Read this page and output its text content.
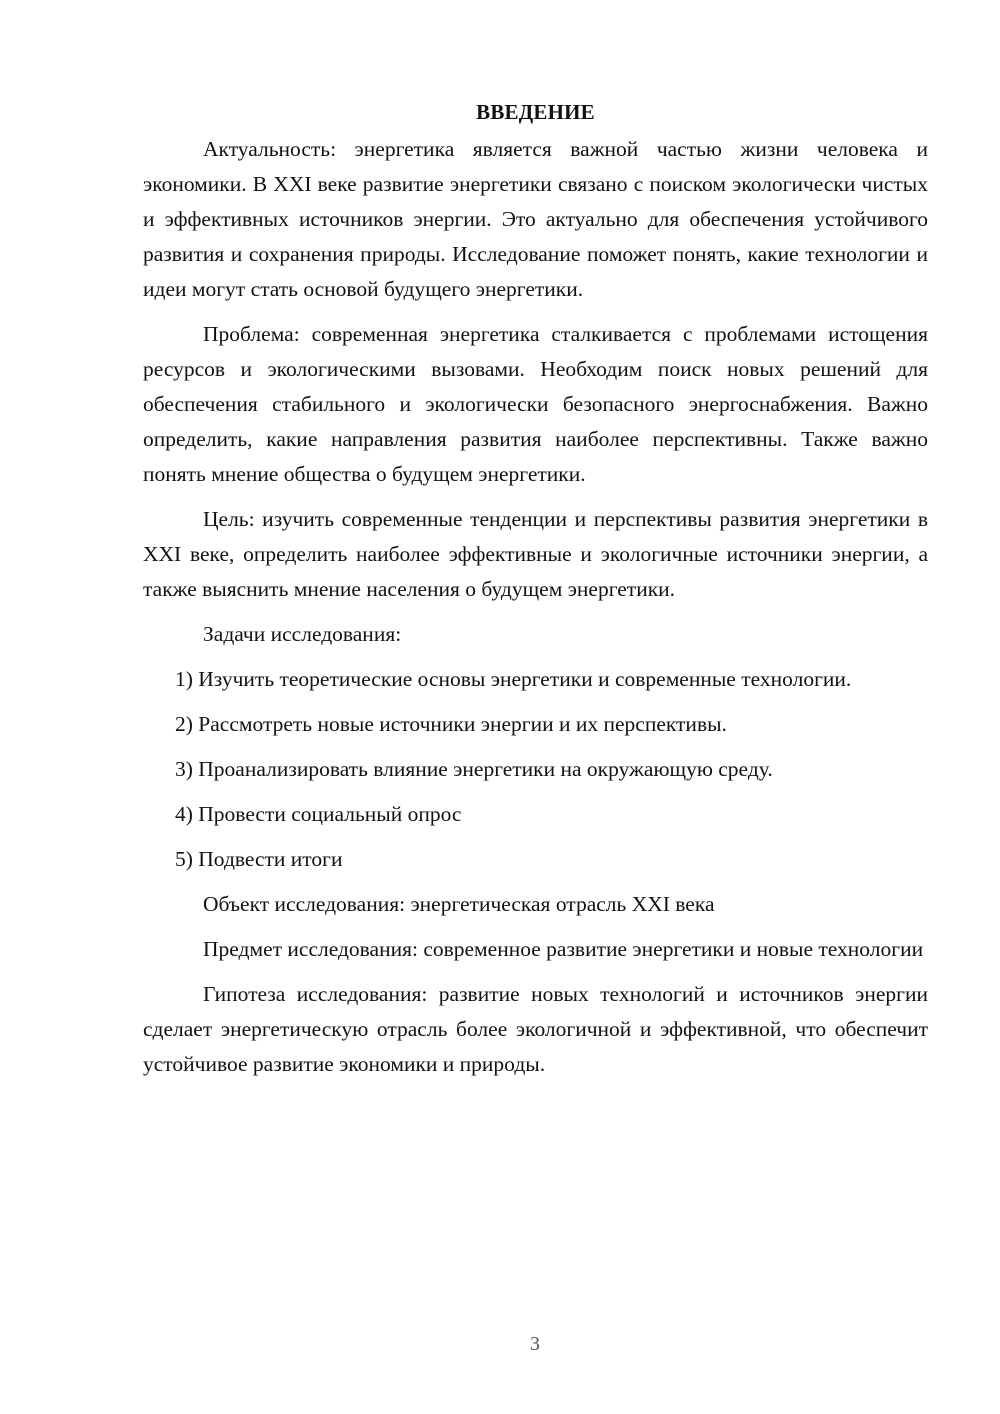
ВВЕДЕНИЕ

Актуальность: энергетика является важной частью жизни человека и экономики. В XXI веке развитие энергетики связано с поиском экологически чистых и эффективных источников энергии. Это актуально для обеспечения устойчивого развития и сохранения природы. Исследование поможет понять, какие технологии и идеи могут стать основой будущего энергетики.

Проблема: современная энергетика сталкивается с проблемами истощения ресурсов и экологическими вызовами. Необходим поиск новых решений для обеспечения стабильного и экологически безопасного энергоснабжения. Важно определить, какие направления развития наиболее перспективны. Также важно понять мнение общества о будущем энергетики.

Цель: изучить современные тенденции и перспективы развития энергетики в XXI веке, определить наиболее эффективные и экологичные источники энергии, а также выяснить мнение населения о будущем энергетики.

Задачи исследования:

1) Изучить теоретические основы энергетики и современные технологии.

2) Рассмотреть новые источники энергии и их перспективы.

3) Проанализировать влияние энергетики на окружающую среду.

4) Провести социальный опрос

5) Подвести итоги

Объект исследования: энергетическая отрасль XXI века

Предмет исследования: современное развитие энергетики и новые технологии

Гипотеза исследования: развитие новых технологий и источников энергии сделает энергетическую отрасль более экологичной и эффективной, что обеспечит устойчивое развитие экономики и природы.

3
